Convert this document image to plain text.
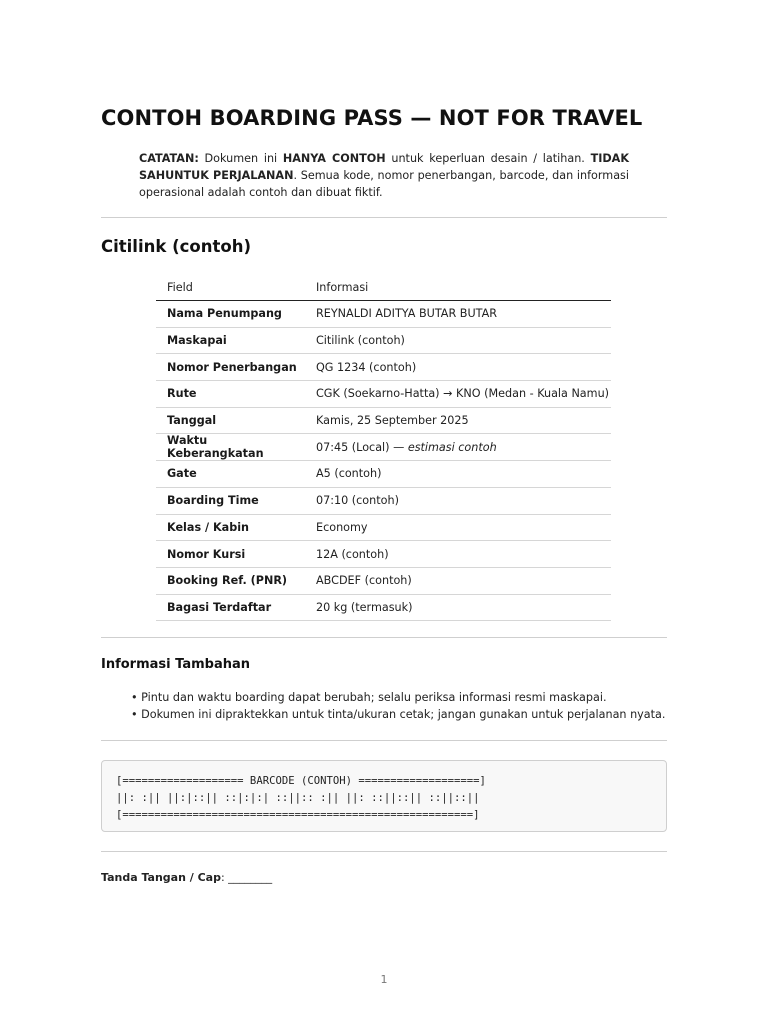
CONTOH BOARDING PASS — NOT FOR TRAVEL

CATATAN: Dokumen ini HANYA CONTOH untuk keperluan desain / latihan. TIDAK SAHUNTUK PERJALANAN. Semua kode, nomor penerbangan, barcode, dan informasi operasional adalah contoh dan dibuat fiktif.

Citilink (contoh)
Field	Informasi
Nama Penumpang	REYNALDI ADITYA BUTAR BUTAR
Maskapai	Citilink (contoh)
Nomor Penerbangan	QG 1234 (contoh)
Rute	CGK (Soekarno-Hatta) → KNO (Medan - Kuala Namu)
Tanggal	Kamis, 25 September 2025
Waktu Keberangkatan	07:45 (Local) — estimasi contoh
Gate	A5 (contoh)
Boarding Time	07:10 (contoh)
Kelas / Kabin	Economy
Nomor Kursi	12A (contoh)
Booking Ref. (PNR)	ABCDEF (contoh)
Bagasi Terdaftar	20 kg (termasuk)
Informasi Tambahan
• Pintu dan waktu boarding dapat berubah; selalu periksa informasi resmi maskapai.
• Dokumen ini dipraktekkan untuk tinta/ukuran cetak; jangan gunakan untuk perjalanan nyata.
[=================== BARCODE (CONTOH) ===================]
||: :|| ||:|::|| ::|:|:| ::||:: :|| ||: ::||::|| ::||::||
[=======================================================]

Tanda Tangan / Cap: ________

1
